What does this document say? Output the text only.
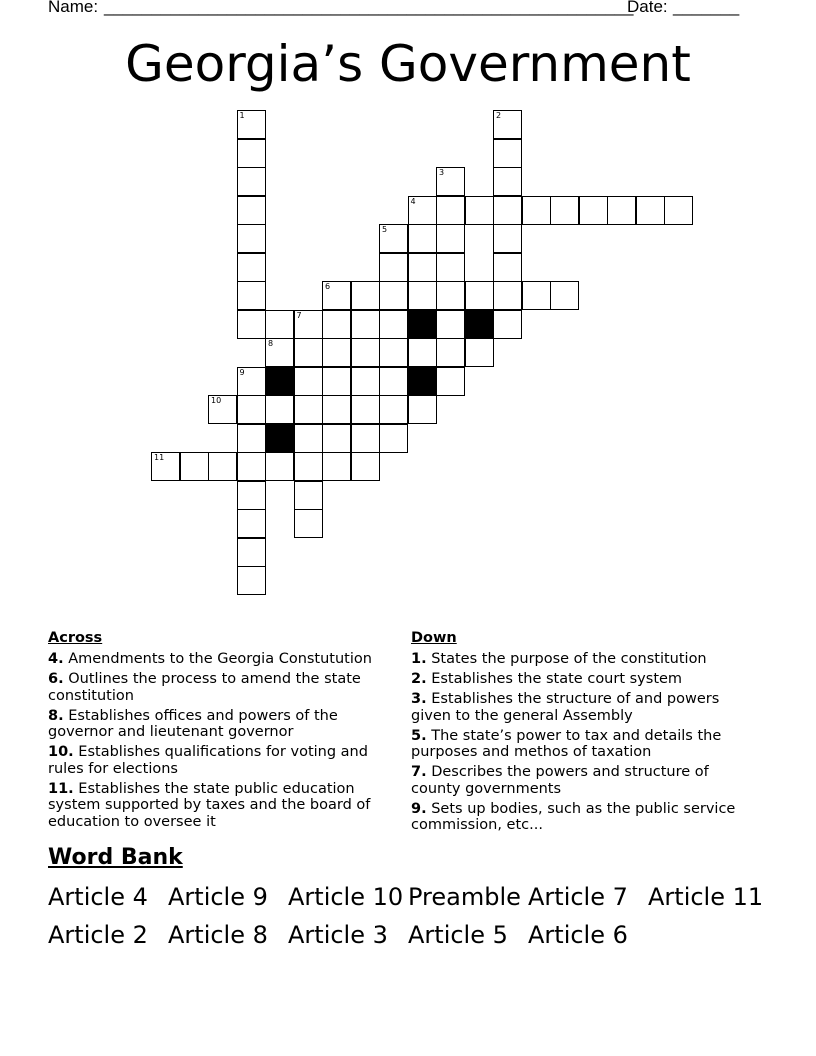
Name: ________________________________________________________
Date: _______
Georgia’s Government
1	2
3
4
5
6
7
8
9
10
11
Across
4. Amendments to the Georgia Constutution
6. Outlines the process to amend the state constitution
8. Establishes offices and powers of the governor and lieutenant governor
10. Establishes qualifications for voting and rules for elections
11. Establishes the state public education system supported by taxes and the board of education to oversee it
Down
1. States the purpose of the constitution
2. Establishes the state court system
3. Establishes the structure of and powers given to the general Assembly
5. The state’s power to tax and details the purposes and methos of taxation
7. Describes the powers and structure of county governments
9. Sets up bodies, such as the public service commission, etc...
Word Bank
Article 4 Article 9 Article 10 Preamble Article 7 Article 11
Article 2 Article 8 Article 3 Article 5 Article 6
